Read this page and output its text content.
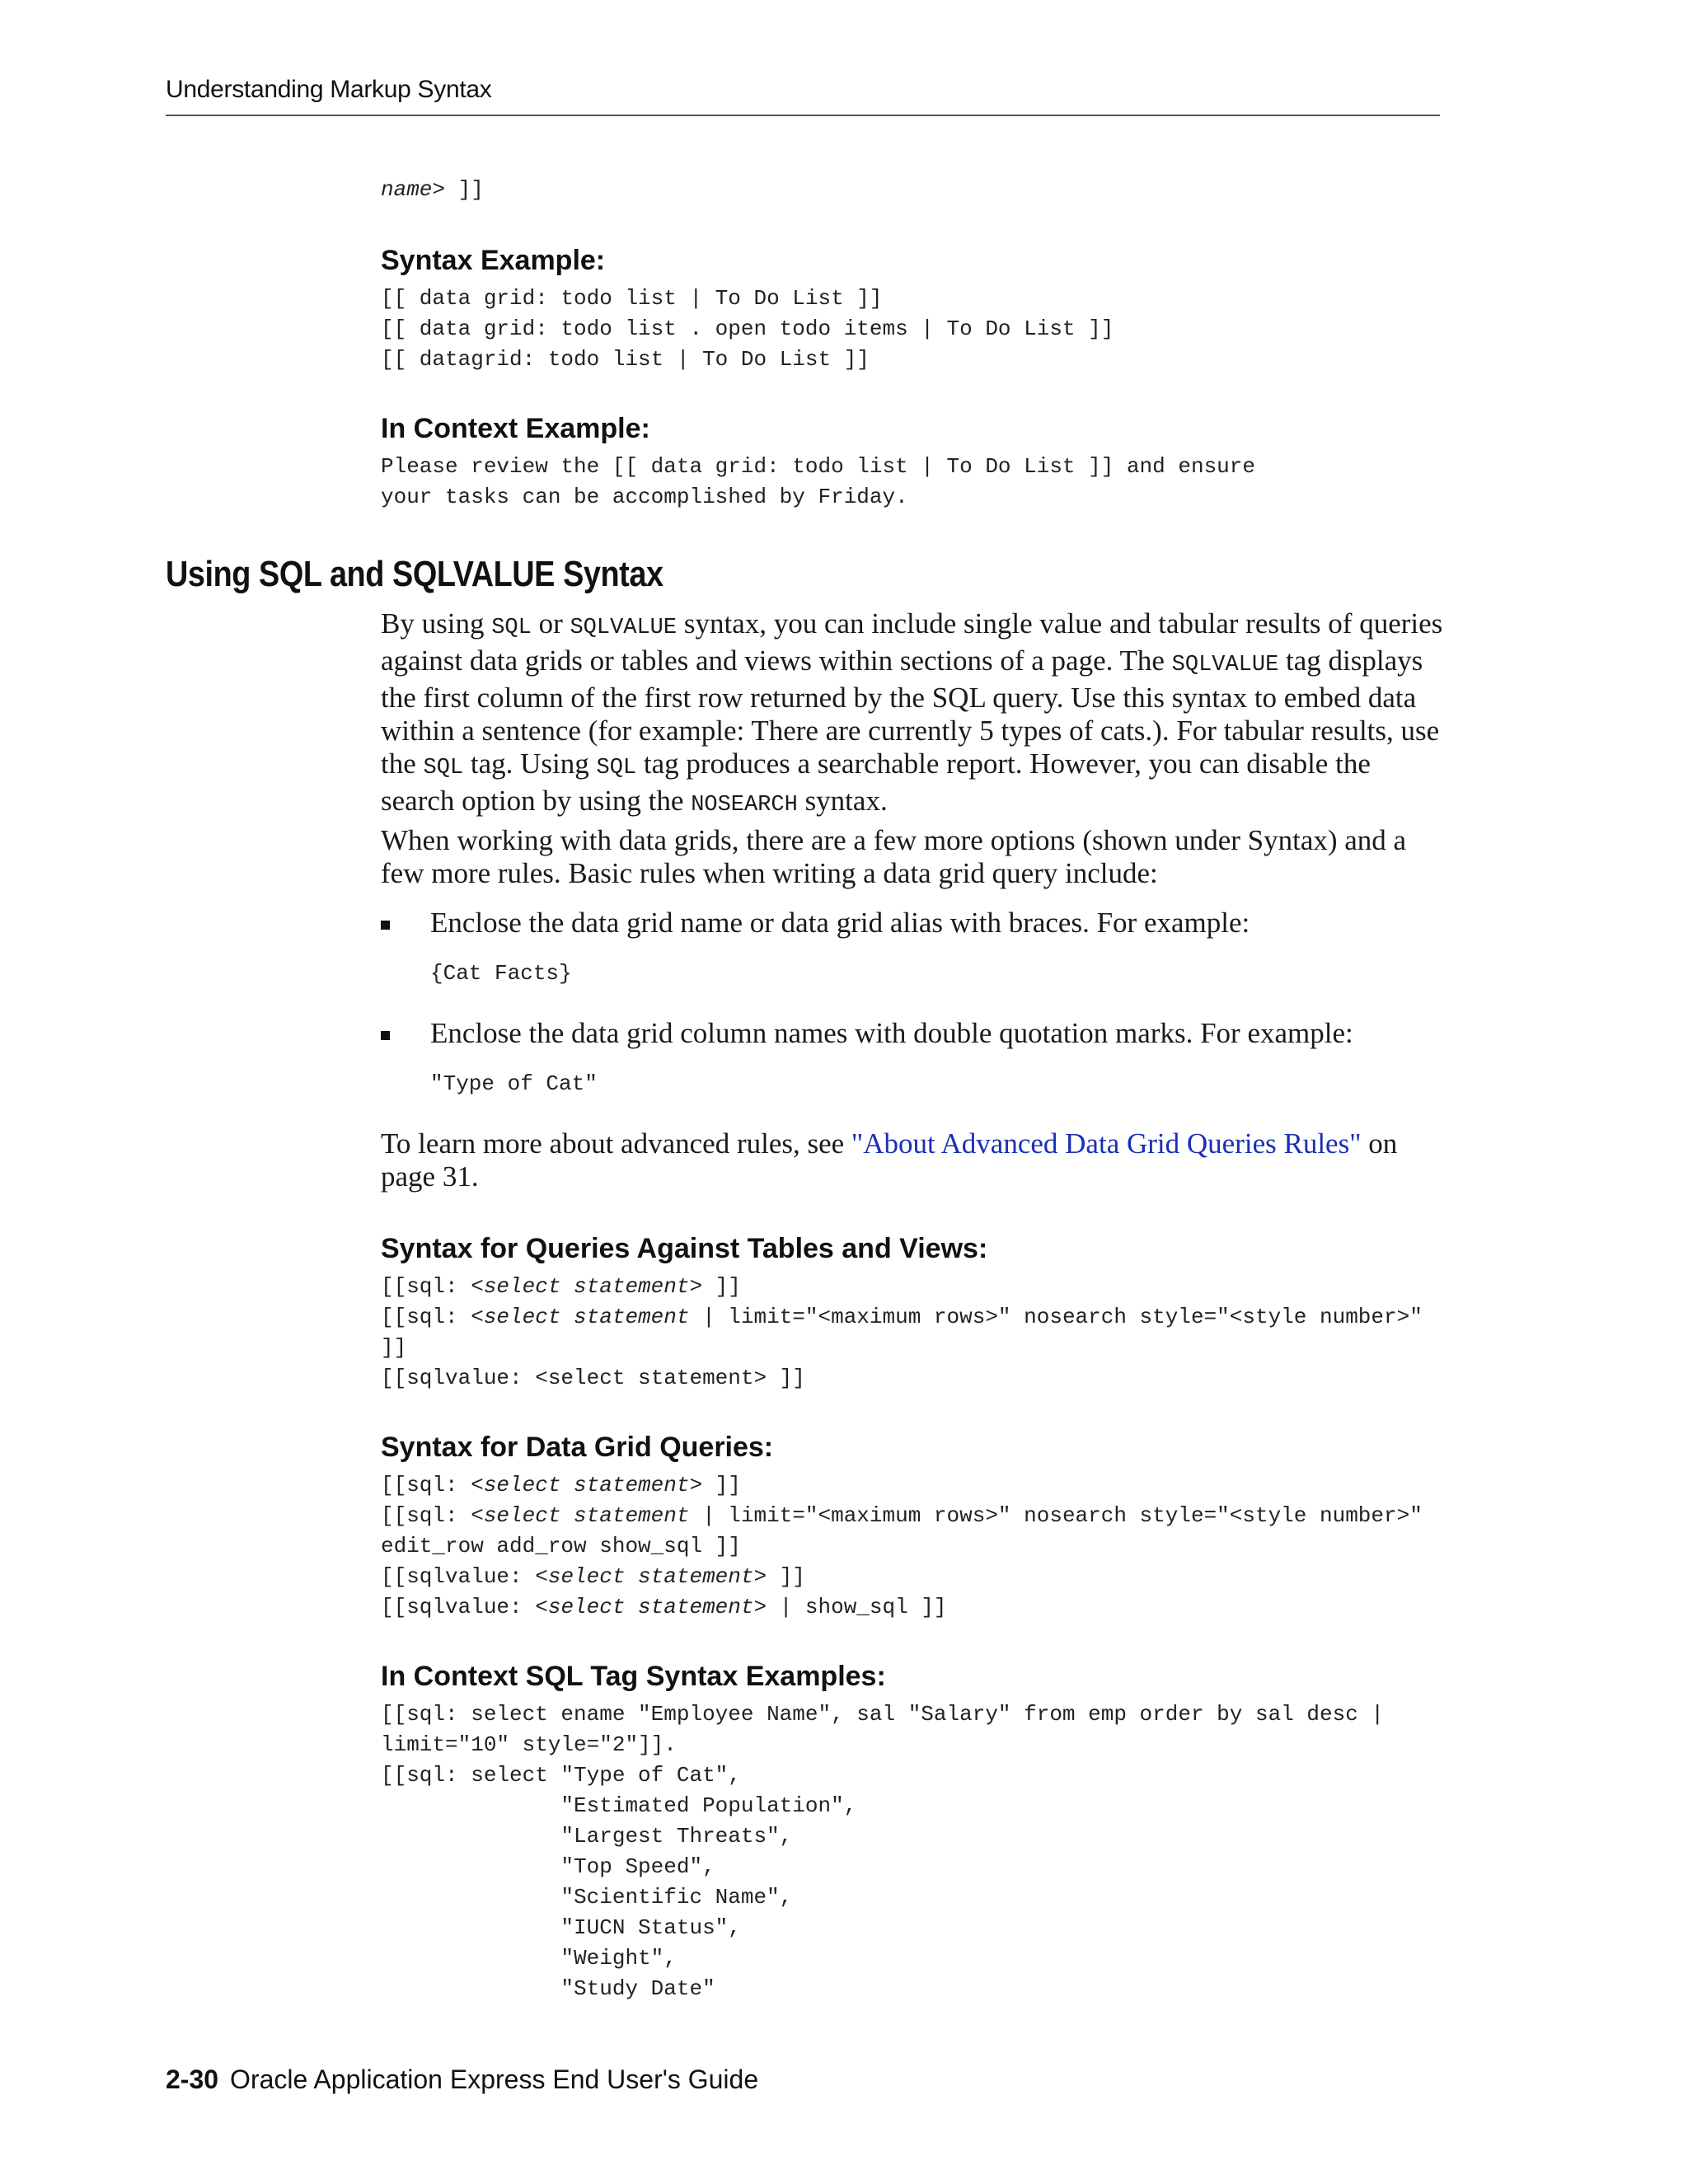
Understanding Markup Syntax
name> ]]
Syntax Example:
[[ data grid: todo list | To Do List ]]
[[ data grid: todo list . open todo items | To Do List ]]
[[ datagrid: todo list | To Do List ]]
In Context Example:
Please review the [[ data grid: todo list | To Do List ]] and ensure
your tasks can be accomplished by Friday.
Using SQL and SQLVALUE Syntax

By using SQL or SQLVALUE syntax, you can include single value and tabular results of queries against data grids or tables and views within sections of a page. The SQLVALUE tag displays the first column of the first row returned by the SQL query. Use this syntax to embed data within a sentence (for example: There are currently 5 types of cats.). For tabular results, use the SQL tag. Using SQL tag produces a searchable report. However, you can disable the search option by using the NOSEARCH syntax.

When working with data grids, there are a few more options (shown under Syntax) and a few more rules. Basic rules when writing a data grid query include:

Enclose the data grid name or data grid alias with braces. For example:

{Cat Facts}

Enclose the data grid column names with double quotation marks. For example:

"Type of Cat"

To learn more about advanced rules, see "About Advanced Data Grid Queries Rules" on page 31.

Syntax for Queries Against Tables and Views:
[[sql: <select statement> ]]
[[sql: <select statement | limit="<maximum rows>" nosearch style="<style number>"
]]
[[sqlvalue: <select statement> ]]
Syntax for Data Grid Queries:
[[sql: <select statement> ]]
[[sql: <select statement | limit="<maximum rows>" nosearch style="<style number>"
edit_row add_row show_sql ]]
[[sqlvalue: <select statement> ]]
[[sqlvalue: <select statement> | show_sql ]]
In Context SQL Tag Syntax Examples:
[[sql: select ename "Employee Name", sal "Salary" from emp order by sal desc |
limit="10" style="2"]].
[[sql: select "Type of Cat",
"Estimated Population",
"Largest Threats",
"Top Speed",
"Scientific Name",
"IUCN Status",
"Weight",
"Study Date"
2-30 Oracle Application Express End User's Guide
